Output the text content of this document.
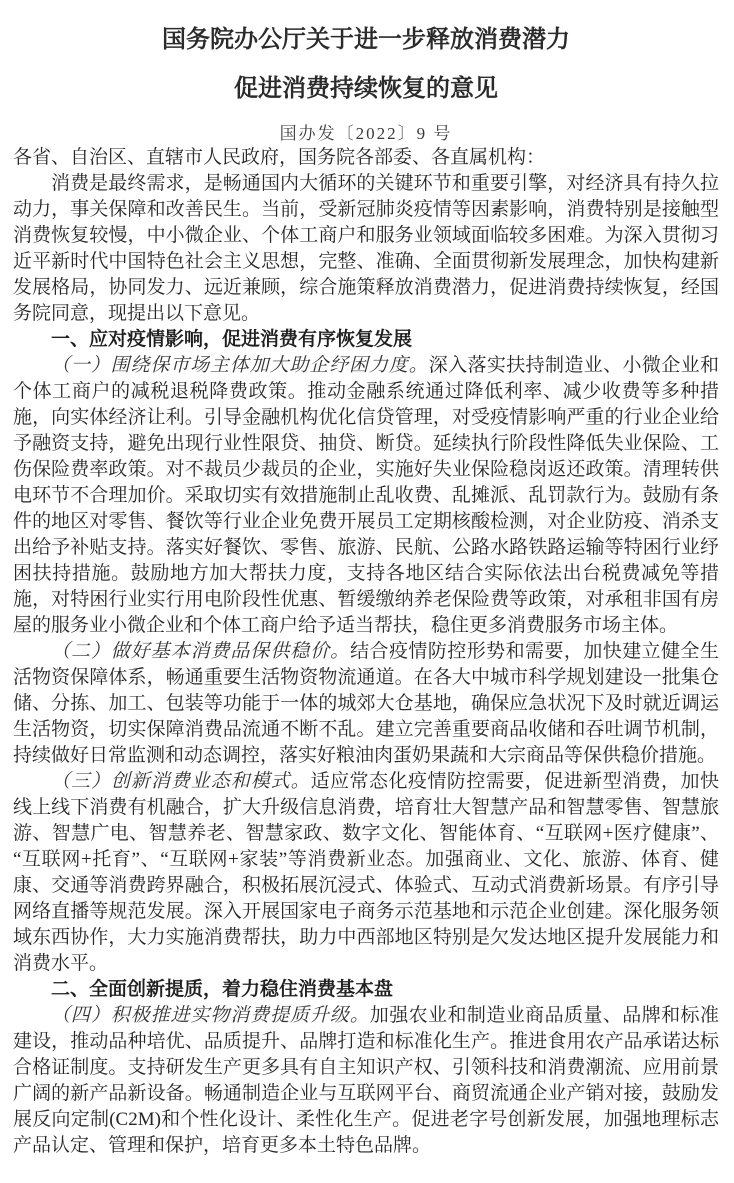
国务院办公厅关于进一步释放消费潜力
促进消费持续恢复的意见
国办发〔2022〕9 号

各省、自治区、直辖市人民政府，国务院各部委、各直属机构：

消费是最终需求，是畅通国内大循环的关键环节和重要引擎，对经济具有持久拉动力，事关保障和改善民生。当前，受新冠肺炎疫情等因素影响，消费特别是接触型消费恢复较慢，中小微企业、个体工商户和服务业领域面临较多困难。为深入贯彻习近平新时代中国特色社会主义思想，完整、准确、全面贯彻新发展理念，加快构建新发展格局，协同发力、远近兼顾，综合施策释放消费潜力，促进消费持续恢复，经国务院同意，现提出以下意见。

一、应对疫情影响，促进消费有序恢复发展

（一）围绕保市场主体加大助企纾困力度。深入落实扶持制造业、小微企业和个体工商户的减税退税降费政策。推动金融系统通过降低利率、减少收费等多种措施，向实体经济让利。引导金融机构优化信贷管理，对受疫情影响严重的行业企业给予融资支持，避免出现行业性限贷、抽贷、断贷。延续执行阶段性降低失业保险、工伤保险费率政策。对不裁员少裁员的企业，实施好失业保险稳岗返还政策。清理转供电环节不合理加价。采取切实有效措施制止乱收费、乱摊派、乱罚款行为。鼓励有条件的地区对零售、餐饮等行业企业免费开展员工定期核酸检测，对企业防疫、消杀支出给予补贴支持。落实好餐饮、零售、旅游、民航、公路水路铁路运输等特困行业纾困扶持措施。鼓励地方加大帮扶力度，支持各地区结合实际依法出台税费减免等措施，对特困行业实行用电阶段性优惠、暂缓缴纳养老保险费等政策，对承租非国有房屋的服务业小微企业和个体工商户给予适当帮扶，稳住更多消费服务市场主体。

（二）做好基本消费品保供稳价。结合疫情防控形势和需要，加快建立健全生活物资保障体系，畅通重要生活物资物流通道。在各大中城市科学规划建设一批集仓储、分拣、加工、包装等功能于一体的城郊大仓基地，确保应急状况下及时就近调运生活物资，切实保障消费品流通不断不乱。建立完善重要商品收储和吞吐调节机制，持续做好日常监测和动态调控，落实好粮油肉蛋奶果蔬和大宗商品等保供稳价措施。

（三）创新消费业态和模式。适应常态化疫情防控需要，促进新型消费，加快线上线下消费有机融合，扩大升级信息消费，培育壮大智慧产品和智慧零售、智慧旅游、智慧广电、智慧养老、智慧家政、数字文化、智能体育、“互联网+医疗健康”、“互联网+托育”、“互联网+家装”等消费新业态。加强商业、文化、旅游、体育、健康、交通等消费跨界融合，积极拓展沉浸式、体验式、互动式消费新场景。有序引导网络直播等规范发展。深入开展国家电子商务示范基地和示范企业创建。深化服务领域东西协作，大力实施消费帮扶，助力中西部地区特别是欠发达地区提升发展能力和消费水平。

二、全面创新提质，着力稳住消费基本盘

（四）积极推进实物消费提质升级。加强农业和制造业商品质量、品牌和标准建设，推动品种培优、品质提升、品牌打造和标准化生产。推进食用农产品承诺达标合格证制度。支持研发生产更多具有自主知识产权、引领科技和消费潮流、应用前景广阔的新产品新设备。畅通制造企业与互联网平台、商贸流通企业产销对接，鼓励发展反向定制(C2M)和个性化设计、柔性化生产。促进老字号创新发展，加强地理标志产品认定、管理和保护，培育更多本土特色品牌。
